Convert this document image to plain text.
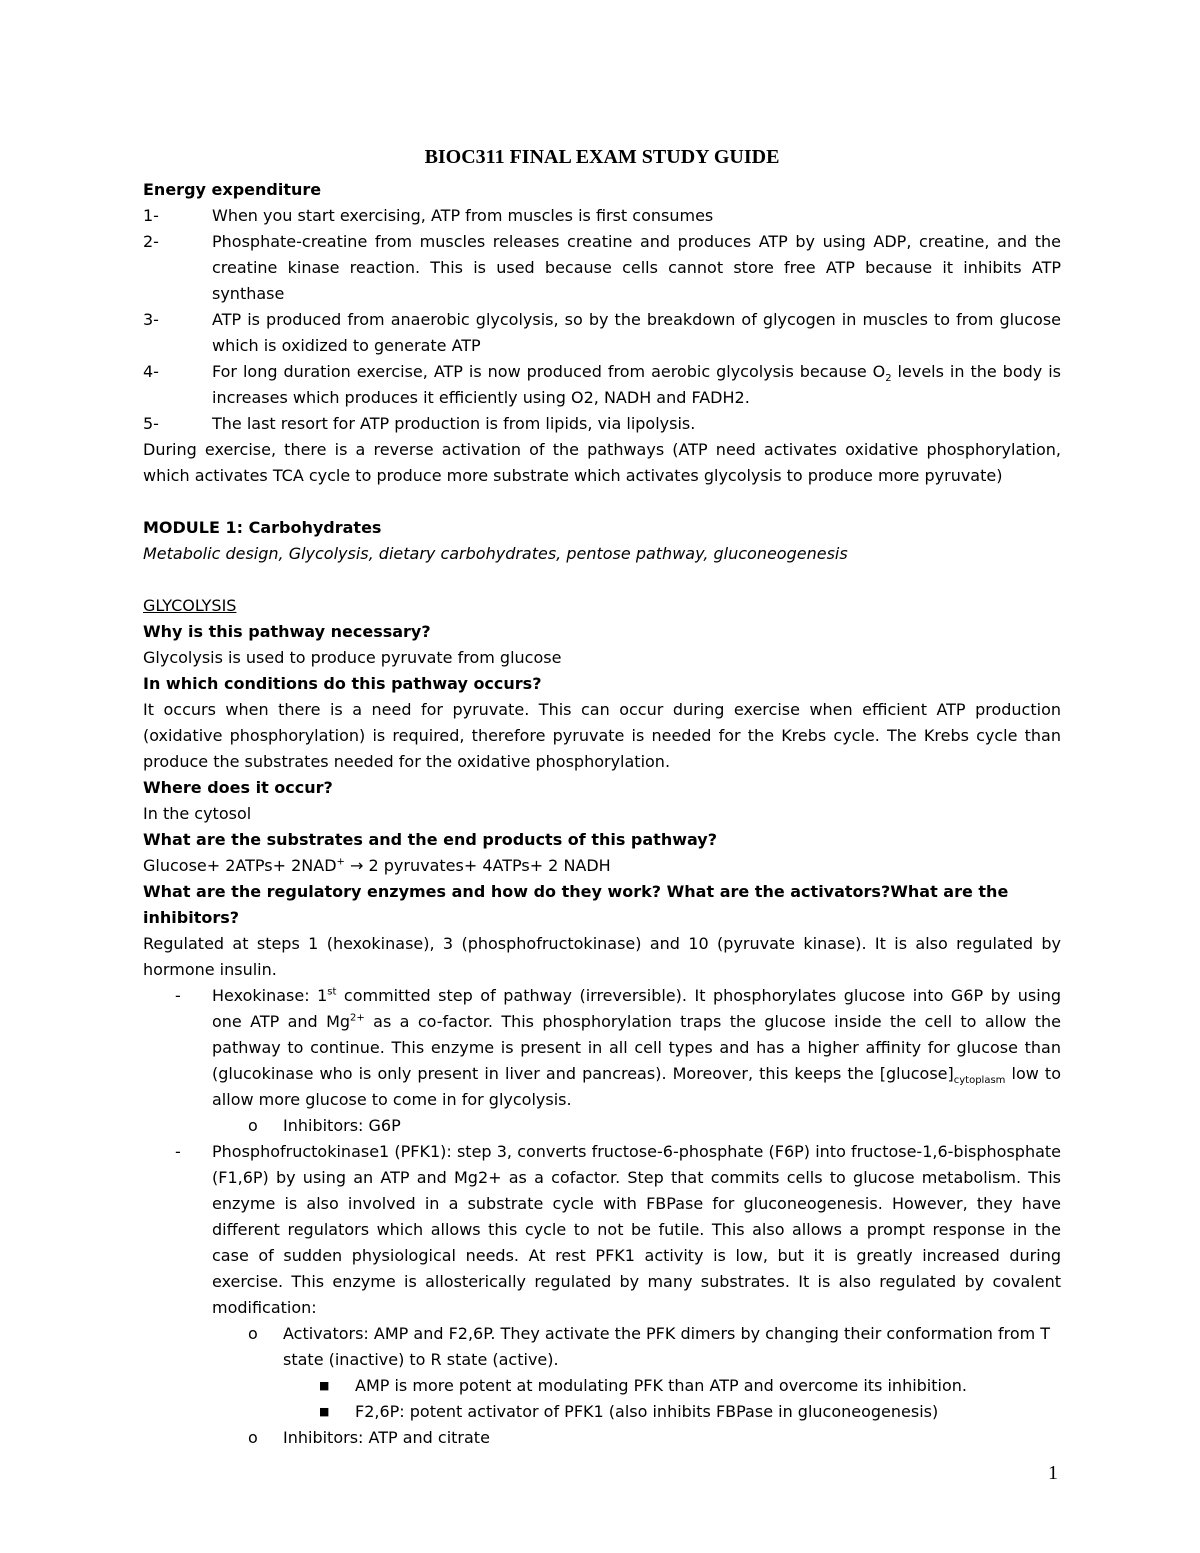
BIOC311 FINAL EXAM STUDY GUIDE
Energy expenditure
1-	When you start exercising, ATP from muscles is first consumes
2-	Phosphate-creatine from muscles releases creatine and produces ATP by using ADP, creatine, and the creatine kinase reaction. This is used because cells cannot store free ATP because it inhibits ATP synthase
3-	ATP is produced from anaerobic glycolysis, so by the breakdown of glycogen in muscles to from glucose which is oxidized to generate ATP
4-	For long duration exercise, ATP is now produced from aerobic glycolysis because $O_2$ levels in the body is increases which produces it efficiently using O2, NADH and FADH2.
5-	The last resort for ATP production is from lipids, via lipolysis.
During exercise, there is a reverse activation of the pathways (ATP need activates oxidative phosphorylation, which activates TCA cycle to produce more substrate which activates glycolysis to produce more pyruvate)
MODULE 1: Carbohydrates
Metabolic design, Glycolysis, dietary carbohydrates, pentose pathway, gluconeogenesis
GLYCOLYSIS
Why is this pathway necessary?
Glycolysis is used to produce pyruvate from glucose
In which conditions do this pathway occurs?
It occurs when there is a need for pyruvate. This can occur during exercise when efficient ATP production (oxidative phosphorylation) is required, therefore pyruvate is needed for the Krebs cycle. The Krebs cycle than produce the substrates needed for the oxidative phosphorylation.
Where does it occur?
In the cytosol
What are the substrates and the end products of this pathway?
Glucose+ 2ATPs+ 2NAD+ → 2 pyruvates+ 4ATPs+ 2 NADH
What are the regulatory enzymes and how do they work? What are the activators?What are the inhibitors?
Regulated at steps 1 (hexokinase), 3 (phosphofructokinase) and 10 (pyruvate kinase). It is also regulated by hormone insulin.
- Hexokinase: 1st committed step of pathway (irreversible). It phosphorylates glucose into G6P by using one ATP and $Mg^{2+}$ as a co-factor. This phosphorylation traps the glucose inside the cell to allow the pathway to continue. This enzyme is present in all cell types and has a higher affinity for glucose than (glucokinase who is only present in liver and pancreas). Moreover, this keeps the $[glucose]_{cytoplasm}$ low to allow more glucose to come in for glycolysis.
o Inhibitors: G6P
- Phosphofructokinase1 (PFK1): step 3, converts fructose-6-phosphate (F6P) into fructose-1,6-bisphosphate (F1,6P) by using an ATP and Mg2+ as a cofactor. Step that commits cells to glucose metabolism. This enzyme is also involved in a substrate cycle with FBPase for gluconeogenesis. However, they have different regulators which allows this cycle to not be futile. This also allows a prompt response in the case of sudden physiological needs. At rest PFK1 activity is low, but it is greatly increased during exercise. This enzyme is allosterically regulated by many substrates. It is also regulated by covalent modification:
o Activators: AMP and F2,6P. They activate the PFK dimers by changing their conformation from T state (inactive) to R state (active).
■ AMP is more potent at modulating PFK than ATP and overcome its inhibition.
■ F2,6P: potent activator of PFK1 (also inhibits FBPase in gluconeogenesis)
o Inhibitors: ATP and citrate
1
